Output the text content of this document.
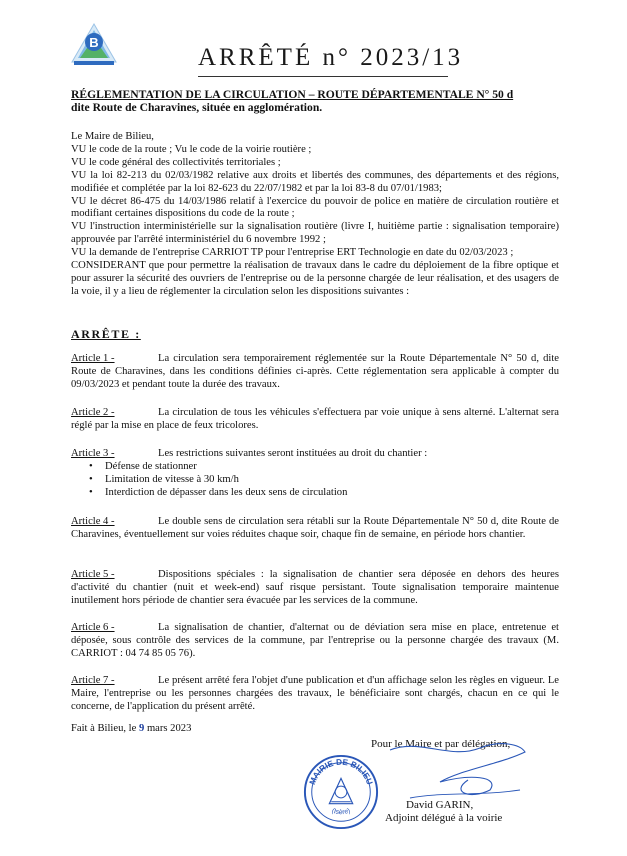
B
ARRÊTÉ n° 2023/13
RÉGLEMENTATION DE LA CIRCULATION – ROUTE DÉPARTEMENTALE N° 50 d
dite Route de Charavines, située en agglomération.

Le Maire de Bilieu,

VU le code de la route ; Vu le code de la voirie routière ;

VU le code général des collectivités territoriales ;

VU la loi 82-213 du 02/03/1982 relative aux droits et libertés des communes, des départements et des régions, modifiée et complétée par la loi 82-623 du 22/07/1982 et par la loi 83-8 du 07/01/1983;

VU le décret 86-475 du 14/03/1986 relatif à l'exercice du pouvoir de police en matière de circulation routière et modifiant certaines dispositions du code de la route ;

VU l'instruction interministérielle sur la signalisation routière (livre I, huitième partie : signalisation temporaire) approuvée par l'arrêté interministériel du 6 novembre 1992 ;

VU la demande de l'entreprise CARRIOT TP pour l'entreprise ERT Technologie en date du 02/03/2023 ;

CONSIDERANT que pour permettre la réalisation de travaux dans le cadre du déploiement de la fibre optique et pour assurer la sécurité des ouvriers de l'entreprise ou de la personne chargée de leur réalisation, et des usagers de la voie, il y a lieu de réglementer la circulation selon les dispositions suivantes :

ARRÊTE :
Article 1 -	La circulation sera temporairement réglementée sur la Route Départementale N° 50 d, dite Route de Charavines, dans les conditions définies ci-après. Cette réglementation sera applicable à compter du 09/03/2023 et pendant toute la durée des travaux.
Article 2 -	La circulation de tous les véhicules s'effectuera par voie unique à sens alterné. L'alternat sera réglé par la mise en place de feux tricolores.
Article 3 -	Les restrictions suivantes seront instituées au droit du chantier :
• Défense de stationner
• Limitation de vitesse à 30 km/h
• Interdiction de dépasser dans les deux sens de circulation
Article 4 -	Le double sens de circulation sera rétabli sur la Route Départementale N° 50 d, dite Route de Charavines, éventuellement sur voies réduites chaque soir, chaque fin de semaine, en période hors chantier.
Article 5 -	Dispositions spéciales : la signalisation de chantier sera déposée en dehors des heures d'activité du chantier (nuit et week-end) sauf risque persistant. Toute signalisation temporaire maintenue inutilement hors période de chantier sera évacuée par les services de la commune.
Article 6 -	La signalisation de chantier, d'alternat ou de déviation sera mise en place, entretenue et déposée, sous contrôle des services de la commune, par l'entreprise ou la personne chargée des travaux (M. CARRIOT : 04 74 85 05 76).
Article 7 -	Le présent arrêté fera l'objet d'une publication et d'un affichage selon les règles en vigueur. Le Maire, l'entreprise ou les personnes chargées des travaux, le bénéficiaire sont chargés, chacun en ce qui le concerne, de l'application du présent arrêté.
Fait à Bilieu, le 9 mars 2023
Pour le Maire et par délégation,
MAIRIE DE BILIEU
(Isère)
David GARIN,
Adjoint délégué à la voirie
